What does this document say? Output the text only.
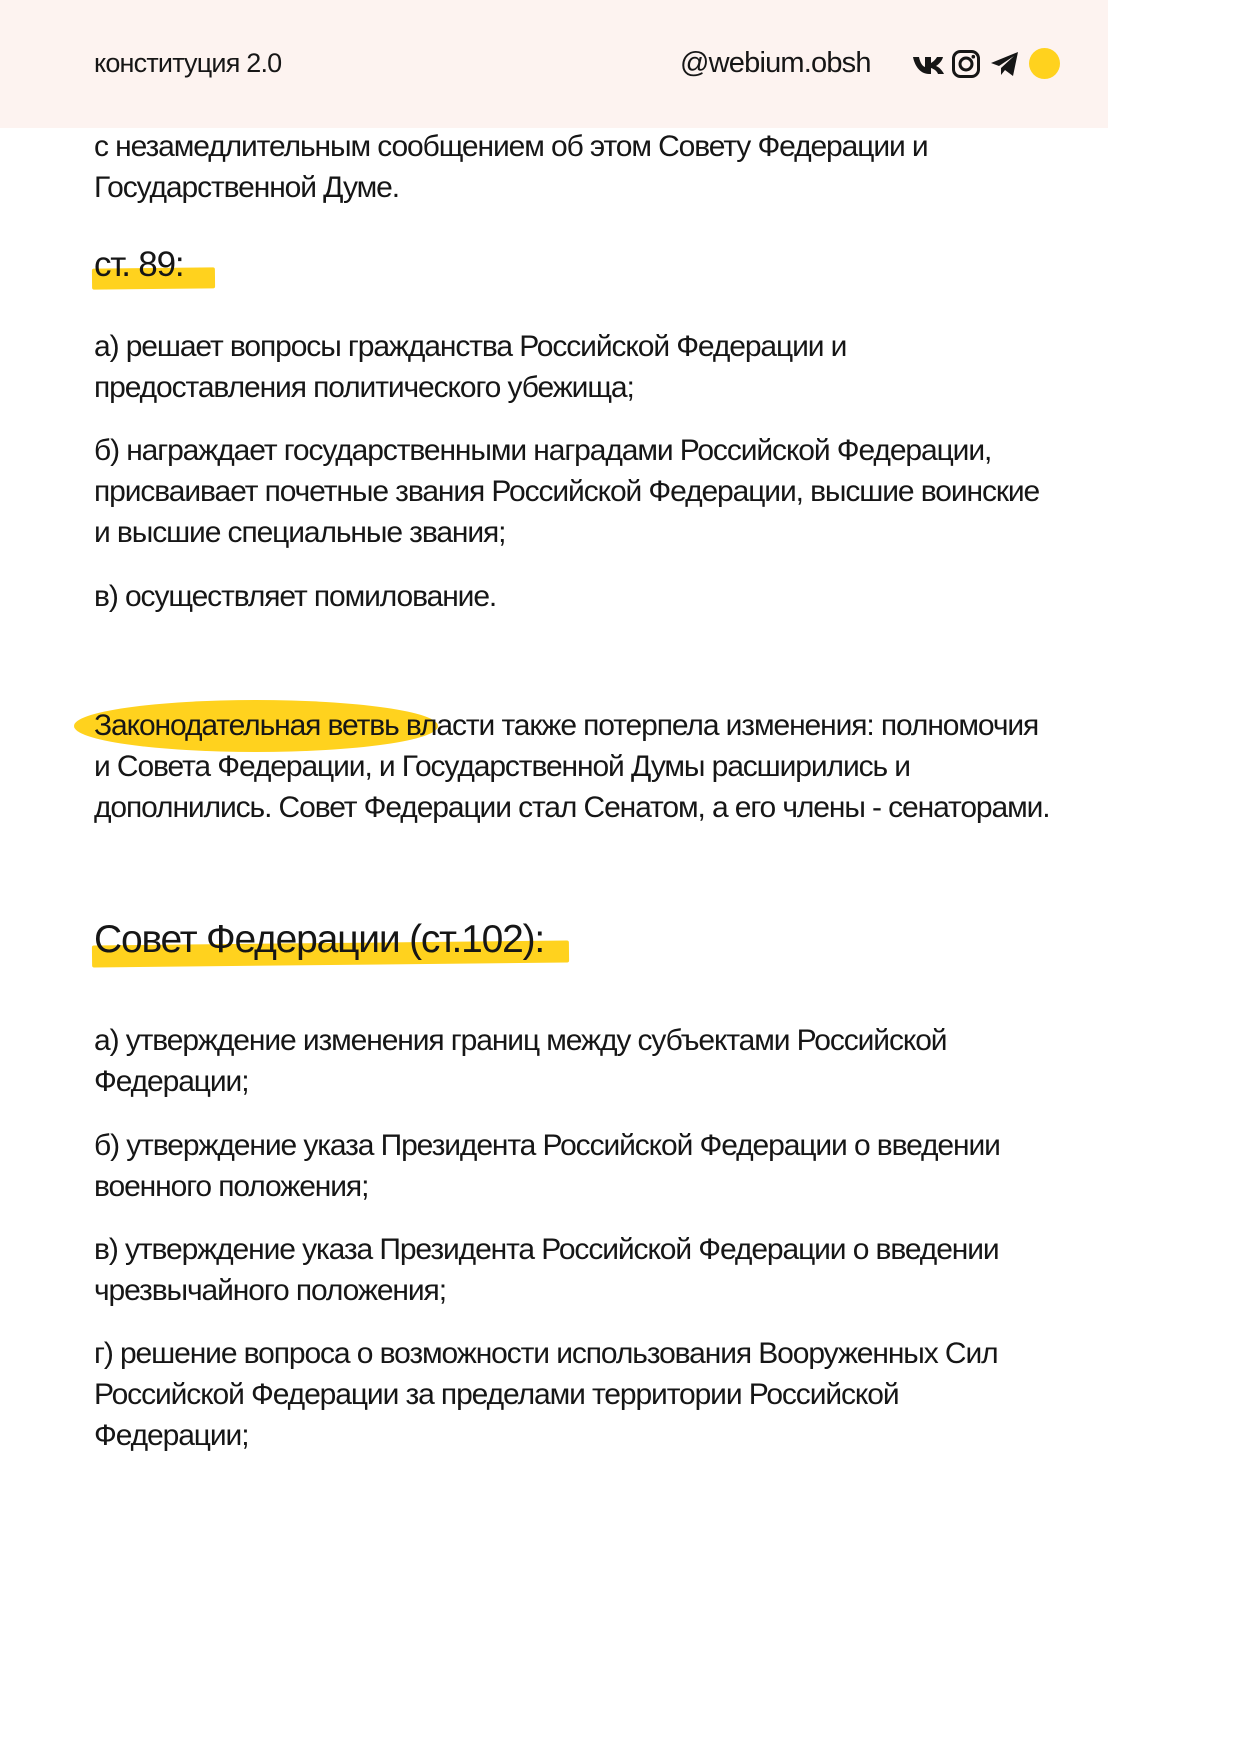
конституция 2.0	@webium.obsh

с незамедлительным сообщением об этом Совету Федерации и Государственной Думе.

ст. 89:

а) решает вопросы гражданства Российской Федерации и предоставления политического убежища;

б) награждает государственными наградами Российской Федерации, присваивает почетные звания Российской Федерации, высшие воинские и высшие специальные звания;

в) осуществляет помилование.

Законодательная ветвь власти также потерпела изменения: полномочия и Совета Федерации, и Государственной Думы расширились и дополнились. Совет Федерации стал Сенатом, а его члены - сенаторами.

Совет Федерации (ст.102):

а) утверждение изменения границ между субъектами Российской Федерации;

б) утверждение указа Президента Российской Федерации о введении военного положения;

в) утверждение указа Президента Российской Федерации о введении чрезвычайного положения;

г) решение вопроса о возможности использования Вооруженных Сил Российской Федерации за пределами территории Российской Федерации;
